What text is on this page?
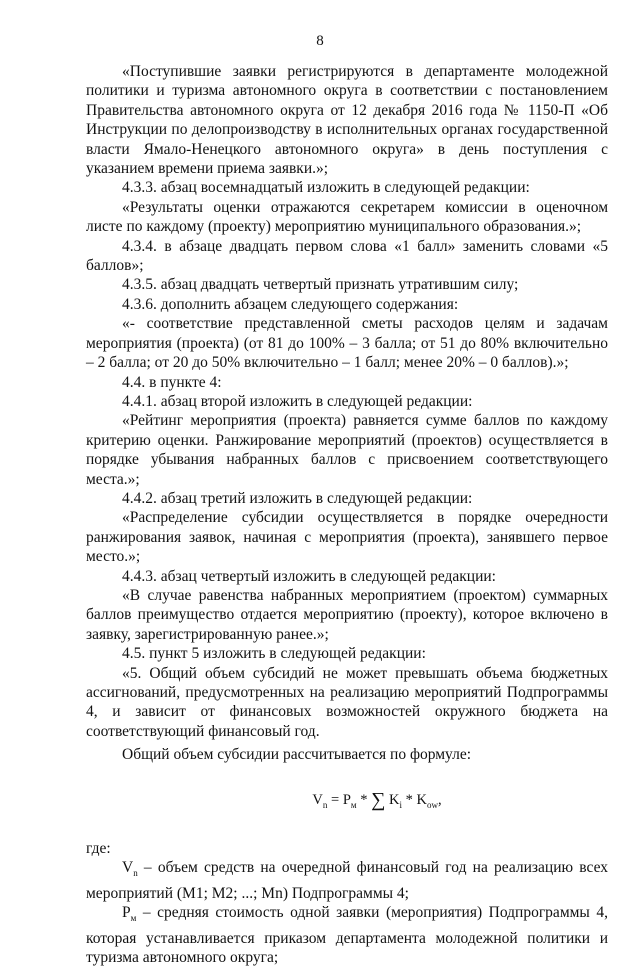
8

«Поступившие заявки регистрируются в департаменте молодежной политики и туризма автономного округа в соответствии с постановлением Правительства автономного округа от 12 декабря 2016 года № 1150-П «Об Инструкции по делопроизводству в исполнительных органах государственной власти Ямало-Ненецкого автономного округа» в день поступления с указанием времени приема заявки.»;

4.3.3. абзац восемнадцатый изложить в следующей редакции:

«Результаты оценки отражаются секретарем комиссии в оценочном листе по каждому (проекту) мероприятию муниципального образования.»;

4.3.4. в абзаце двадцать первом слова «1 балл» заменить словами «5 баллов»;

4.3.5. абзац двадцать четвертый признать утратившим силу;

4.3.6. дополнить абзацем следующего содержания:

«- соответствие представленной сметы расходов целям и задачам мероприятия (проекта) (от 81 до 100% – 3 балла; от 51 до 80% включительно – 2 балла; от 20 до 50% включительно – 1 балл; менее 20% – 0 баллов).»;

4.4. в пункте 4:

4.4.1. абзац второй изложить в следующей редакции:

«Рейтинг мероприятия (проекта) равняется сумме баллов по каждому критерию оценки. Ранжирование мероприятий (проектов) осуществляется в порядке убывания набранных баллов с присвоением соответствующего места.»;

4.4.2. абзац третий изложить в следующей редакции:

«Распределение субсидии осуществляется в порядке очередности ранжирования заявок, начиная с мероприятия (проекта), занявшего первое место.»;

4.4.3. абзац четвертый изложить в следующей редакции:

«В случае равенства набранных мероприятием (проектом) суммарных баллов преимущество отдается мероприятию (проекту), которое включено в заявку, зарегистрированную ранее.»;

4.5. пункт 5 изложить в следующей редакции:

«5. Общий объем субсидий не может превышать объема бюджетных ассигнований, предусмотренных на реализацию мероприятий Подпрограммы 4, и зависит от финансовых возможностей окружного бюджета на соответствующий финансовый год.

Общий объем субсидии рассчитывается по формуле:

$V_n = P_м$ * ∑ $K_i * K_{ow}$,

где:

$V_n$ – объем средств на очередной финансовый год на реализацию всех мероприятий (M1; M2; ...; Mn) Подпрограммы 4;

$P_м$ – средняя стоимость одной заявки (мероприятия) Подпрограммы 4, которая устанавливается приказом департамента молодежной политики и туризма автономного округа;
